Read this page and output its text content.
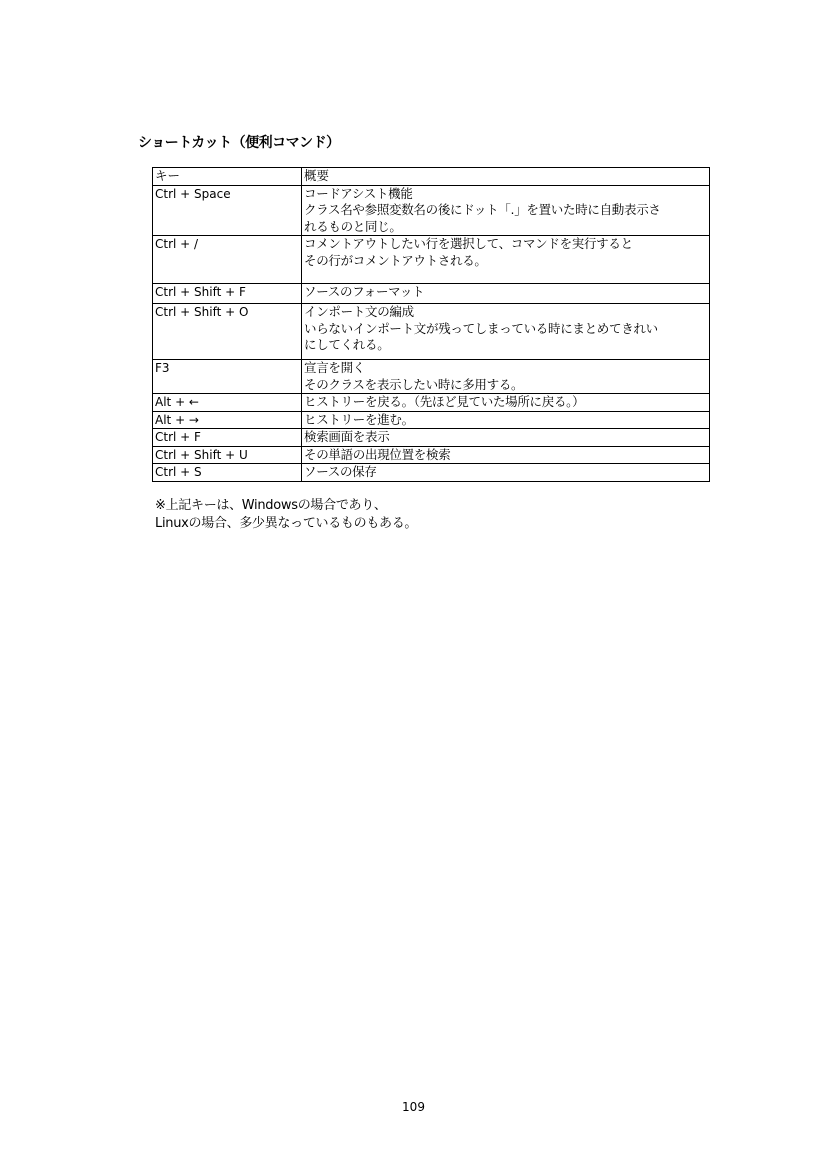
ショートカット（便利コマンド）
キー	概要
Ctrl + Space	コードアシスト機能
クラス名や参照変数名の後にドット「.」を置いた時に自動表示さ
れるものと同じ。

Ctrl + /	コメントアウトしたい行を選択して、コマンドを実行すると
その行がコメントアウトされる。

Ctrl + Shift + F	ソースのフォーマット

Ctrl + Shift + O	インポート文の編成
いらないインポート文が残ってしまっている時にまとめてきれい
にしてくれる。

F3	宣言を開く
そのクラスを表示したい時に多用する。

Alt + ←	ヒストリーを戻る。（先ほど見ていた場所に戻る。）

Alt + →	ヒストリーを進む。

Ctrl + F	検索画面を表示

Ctrl + Shift + U	その単語の出現位置を検索

Ctrl + S	ソースの保存
※上記キーは、Windowsの場合であり、
Linuxの場合、多少異なっているものもある。
109
